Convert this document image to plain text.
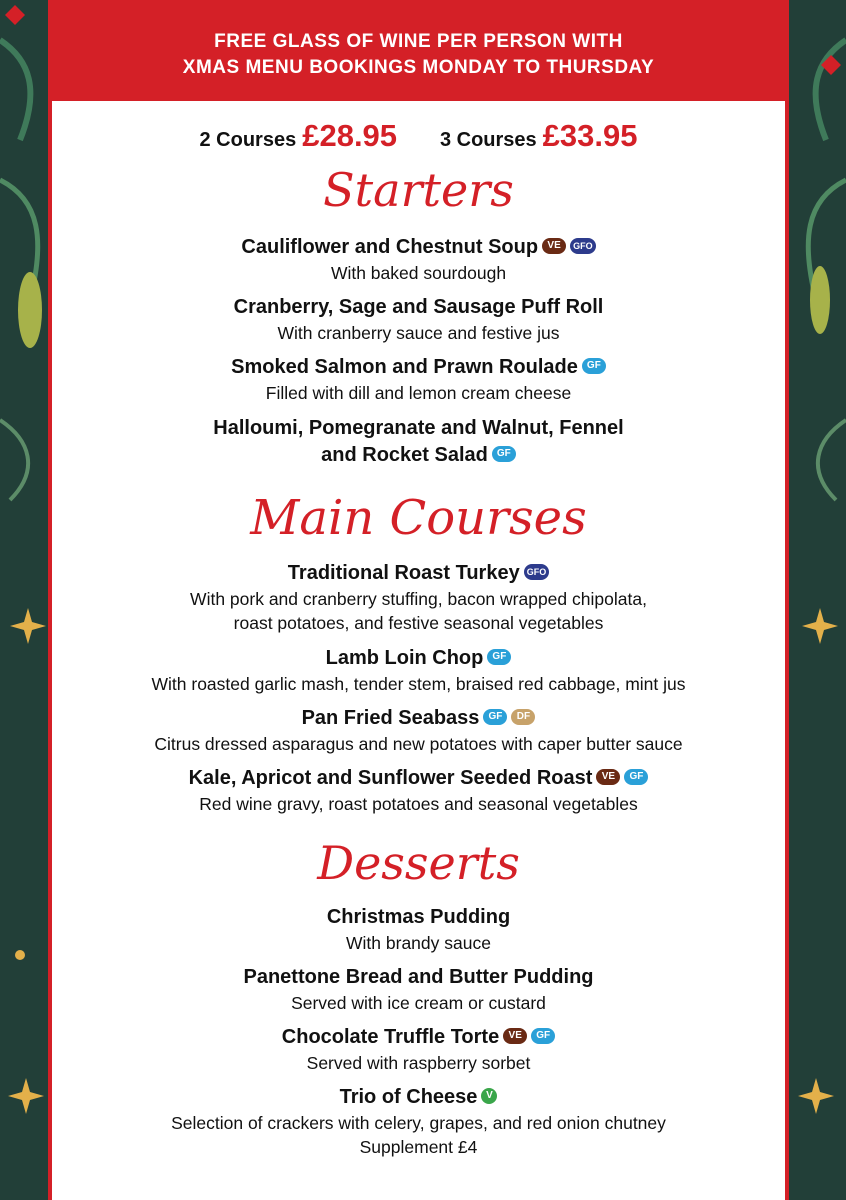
FREE GLASS OF WINE PER PERSON WITH
XMAS MENU BOOKINGS MONDAY TO THURSDAY
2 Courses £28.95 3 Courses £33.95
Starters
Cauliflower and Chestnut Soup VE GFO
With baked sourdough
Cranberry, Sage and Sausage Puff Roll
With cranberry sauce and festive jus
Smoked Salmon and Prawn Roulade GF
Filled with dill and lemon cream cheese
Halloumi, Pomegranate and Walnut, Fennel
and Rocket Salad GF
Main Courses
Traditional Roast Turkey GFO
With pork and cranberry stuffing, bacon wrapped chipolata,
roast potatoes, and festive seasonal vegetables
Lamb Loin Chop GF
With roasted garlic mash, tender stem, braised red cabbage, mint jus
Pan Fried Seabass GF DF
Citrus dressed asparagus and new potatoes with caper butter sauce
Kale, Apricot and Sunflower Seeded Roast VE GF
Red wine gravy, roast potatoes and seasonal vegetables
Desserts
Christmas Pudding
With brandy sauce
Panettone Bread and Butter Pudding
Served with ice cream or custard
Chocolate Truffle Torte VE GF
Served with raspberry sorbet
Trio of Cheese V
Selection of crackers with celery, grapes, and red onion chutney
Supplement £4
